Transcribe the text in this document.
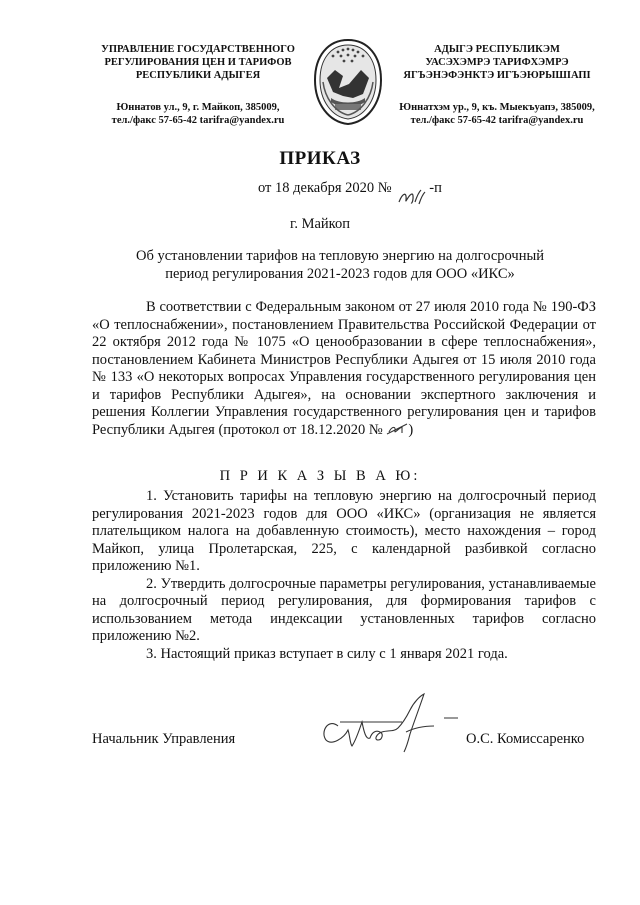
УПРАВЛЕНИЕ ГОСУДАРСТВЕННОГО
РЕГУЛИРОВАНИЯ ЦЕН И ТАРИФОВ
РЕСПУБЛИКИ АДЫГЕЯ
Юннатов ул., 9, г. Майкоп, 385009,
тел./факс 57-65-42 tarifra@yandex.ru
АДЫГЭ РЕСПУБЛИКЭМ
УАСЭХЭМРЭ ТАРИФХЭМРЭ
ЯГЪЭНЭФЭНКТЭ ИГЪЭЮРЫШІАПІ
Юннатхэм ур., 9, къ. Мыекъуапэ, 385009,
тел./факс 57-65-42 tarifra@yandex.ru
ПРИКАЗ
от 18 декабря 2020 №	-п
г. Майкоп
Об установлении тарифов на тепловую энергию на долгосрочный
период регулирования 2021-2023 годов для ООО «ИКС»

В соответствии с Федеральным законом от 27 июля 2010 года № 190-ФЗ «О теплоснабжении», постановлением Правительства Российской Федерации от 22 октября 2012 года № 1075 «О ценообразовании в сфере теплоснабжения», постановлением Кабинета Министров Республики Адыгея от 15 июля 2010 года № 133 «О некоторых вопросах Управления государственного регулирования цен и тарифов Республики Адыгея», на основании экспертного заключения и решения Коллегии Управления государственного регулирования цен и тарифов Республики Адыгея (протокол от 18.12.2020 № )

П Р И К А З Ы В А Ю:

1. Установить тарифы на тепловую энергию на долгосрочный период регулирования 2021-2023 годов для ООО «ИКС» (организация не является плательщиком налога на добавленную стоимость), место нахождения – город Майкоп, улица Пролетарская, 225, с календарной разбивкой согласно приложению №1.

2. Утвердить долгосрочные параметры регулирования, устанавливаемые на долгосрочный период регулирования, для формирования тарифов с использованием метода индексации установленных тарифов согласно приложению №2.

3. Настоящий приказ вступает в силу с 1 января 2021 года.

Начальник Управления	О.С. Комиссаренко
